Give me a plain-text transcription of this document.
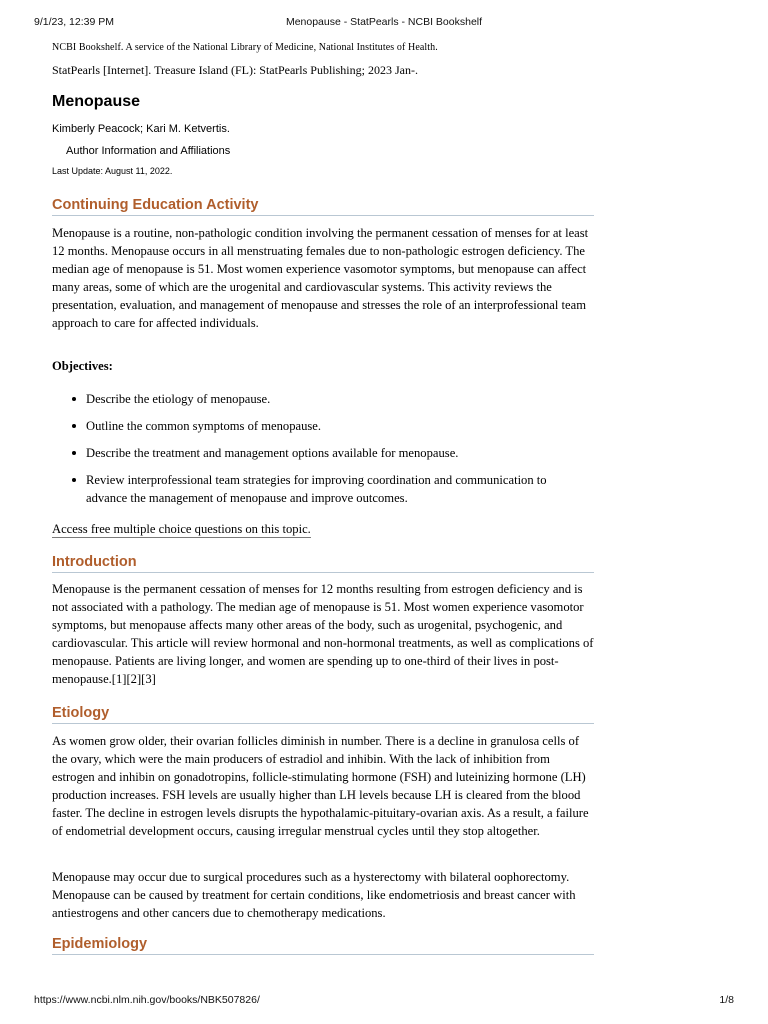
9/1/23, 12:39 PM	Menopause - StatPearls - NCBI Bookshelf
NCBI Bookshelf. A service of the National Library of Medicine, National Institutes of Health.
StatPearls [Internet]. Treasure Island (FL): StatPearls Publishing; 2023 Jan-.
Menopause
Kimberly Peacock; Kari M. Ketvertis.
Author Information and Affiliations
Last Update: August 11, 2022.
Continuing Education Activity

Menopause is a routine, non-pathologic condition involving the permanent cessation of menses for at least 12 months. Menopause occurs in all menstruating females due to non-pathologic estrogen deficiency. The median age of menopause is 51. Most women experience vasomotor symptoms, but menopause can affect many areas, some of which are the urogenital and cardiovascular systems. This activity reviews the presentation, evaluation, and management of menopause and stresses the role of an interprofessional team approach to care for affected individuals.

Objectives:
Describe the etiology of menopause.
Outline the common symptoms of menopause.
Describe the treatment and management options available for menopause.
Review interprofessional team strategies for improving coordination and communication to advance the management of menopause and improve outcomes.
Access free multiple choice questions on this topic.
Introduction

Menopause is the permanent cessation of menses for 12 months resulting from estrogen deficiency and is not associated with a pathology. The median age of menopause is 51. Most women experience vasomotor symptoms, but menopause affects many other areas of the body, such as urogenital, psychogenic, and cardiovascular. This article will review hormonal and non-hormonal treatments, as well as complications of menopause. Patients are living longer, and women are spending up to one-third of their lives in post-menopause.[1][2][3]

Etiology

As women grow older, their ovarian follicles diminish in number. There is a decline in granulosa cells of the ovary, which were the main producers of estradiol and inhibin. With the lack of inhibition from estrogen and inhibin on gonadotropins, follicle-stimulating hormone (FSH) and luteinizing hormone (LH) production increases. FSH levels are usually higher than LH levels because LH is cleared from the blood faster. The decline in estrogen levels disrupts the hypothalamic-pituitary-ovarian axis. As a result, a failure of endometrial development occurs, causing irregular menstrual cycles until they stop altogether.

Menopause may occur due to surgical procedures such as a hysterectomy with bilateral oophorectomy. Menopause can be caused by treatment for certain conditions, like endometriosis and breast cancer with antiestrogens and other cancers due to chemotherapy medications.

Epidemiology
https://www.ncbi.nlm.nih.gov/books/NBK507826/	1/8
